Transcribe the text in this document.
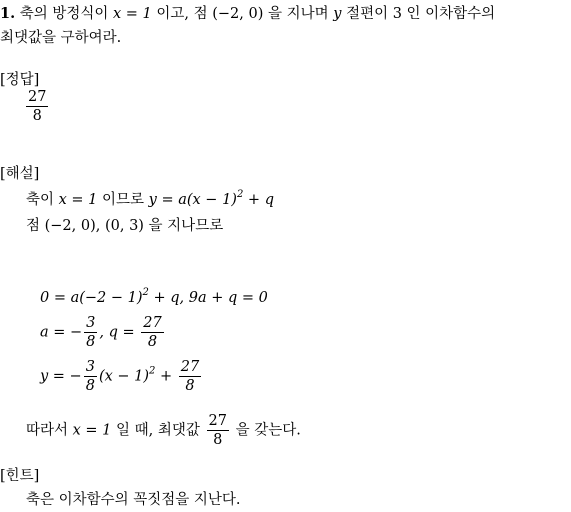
1. 축의 방정식이 x = 1 이고, 점 (−2, 0) 을 지나며 y 절편이 3 인 이차함수의
최댓값을 구하여라.
[정답]
$\frac{27}{8}$
[해설]
축이 x = 1 이므로 $y = a(x - 1)^2 + q$
점 (−2, 0), (0, 3) 을 지나므로
$0 = a(-2 - 1)^2 + q$, 9a + q = 0
a = − $\frac{3}{8}$ , $q = \frac{27}{8}$
y = − $\frac{3}{8} (x - 1)^2 + \frac{27}{8}$
따라서 x = 1 일 때, 최댓값 $\frac{27}{8}$ 을 갖는다.
[힌트]
축은 이차함수의 꼭짓점을 지난다.
